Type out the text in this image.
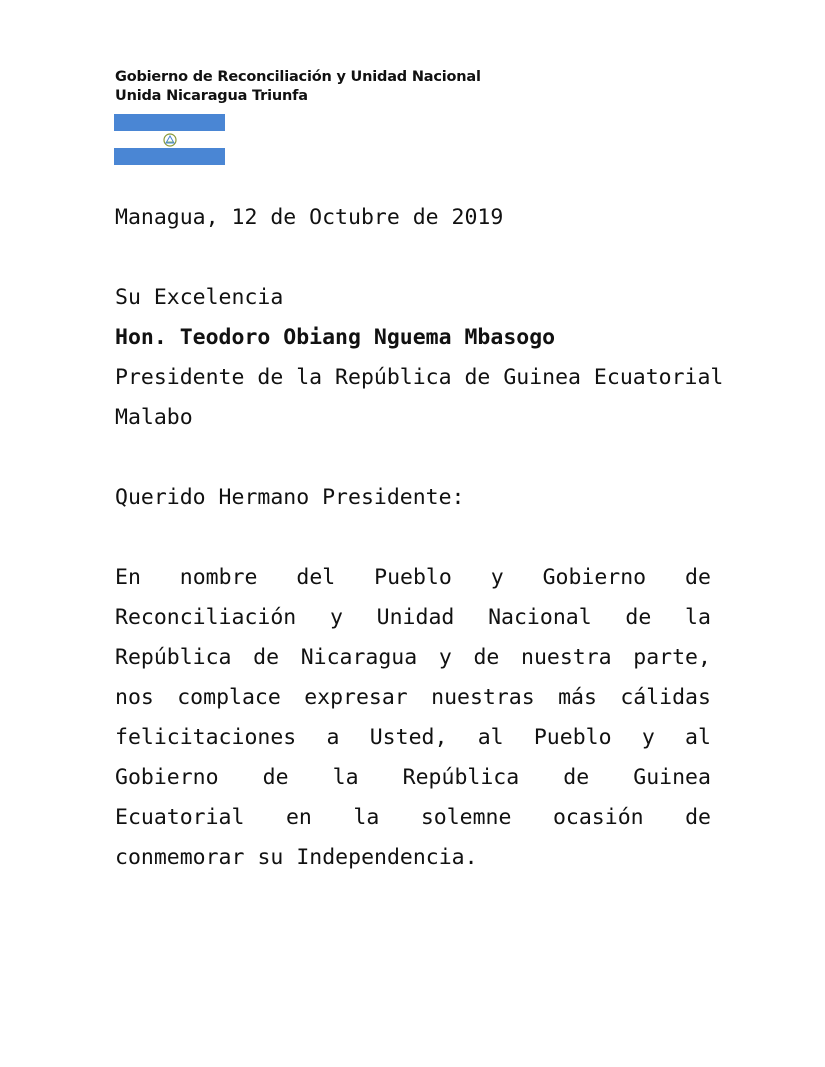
Gobierno de Reconciliación y Unidad Nacional
Unida Nicaragua Triunfa
Managua, 12 de Octubre de 2019
Su Excelencia
Hon. Teodoro Obiang Nguema Mbasogo
Presidente de la República de Guinea Ecuatorial
Malabo
Querido Hermano Presidente:
En nombre del Pueblo y Gobierno de
Reconciliación y Unidad Nacional de la
República de Nicaragua y de nuestra parte,
nos complace expresar nuestras más cálidas
felicitaciones a Usted, al Pueblo y al
Gobierno de la República de Guinea
Ecuatorial en la solemne ocasión de
conmemorar su Independencia.
